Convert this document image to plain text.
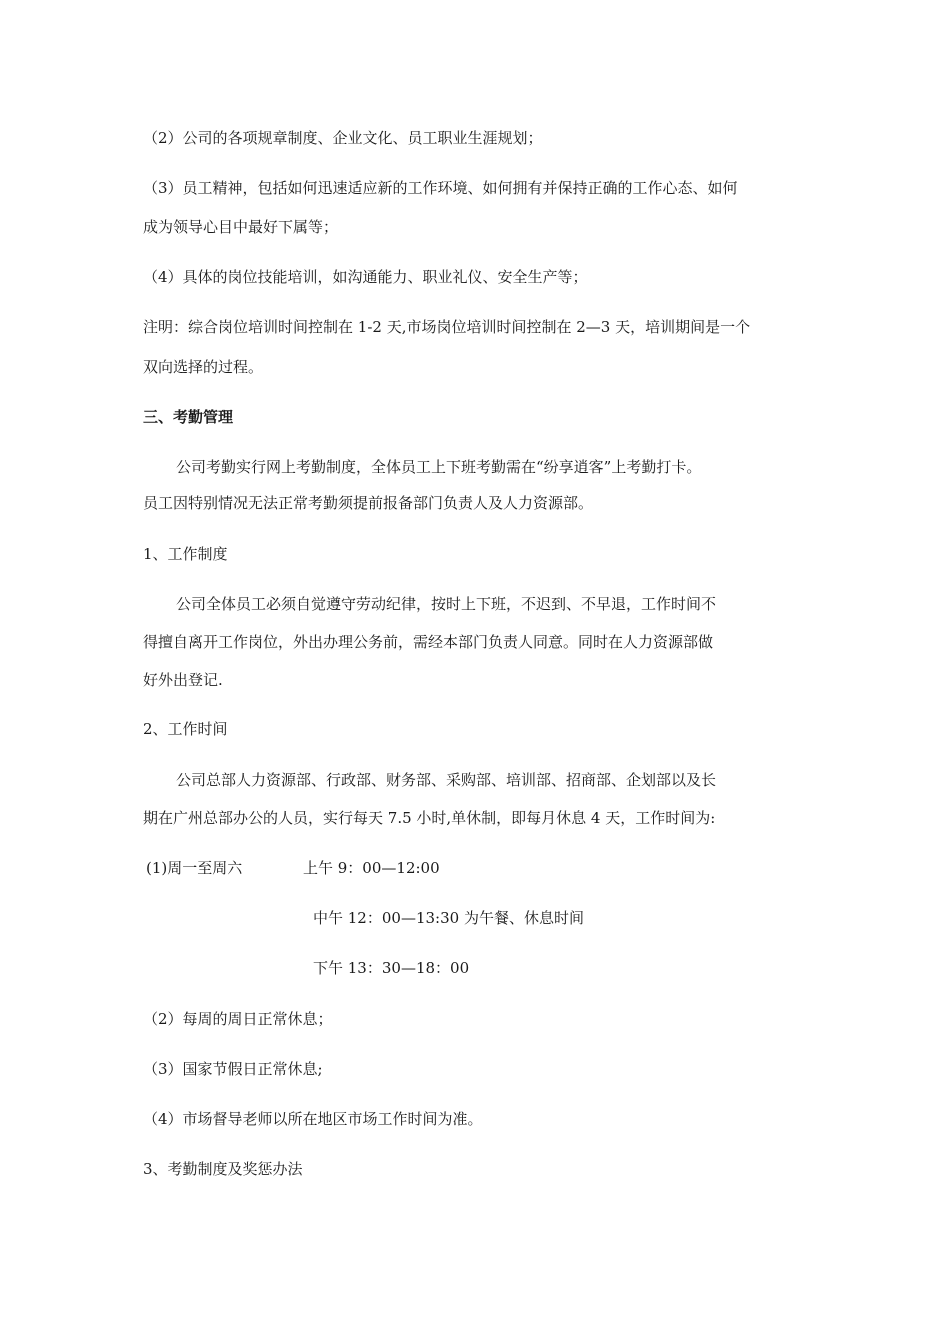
（2）公司的各项规章制度、企业文化、员工职业生涯规划；
（3）员工精神，包括如何迅速适应新的工作环境、如何拥有并保持正确的工作心态、如何
成为领导心目中最好下属等；
（4）具体的岗位技能培训，如沟通能力、职业礼仪、安全生产等；
注明：综合岗位培训时间控制在 1-2 天,市场岗位培训时间控制在 2—3 天，培训期间是一个
双向选择的过程。
三、考勤管理
公司考勤实行网上考勤制度，全体员工上下班考勤需在“纷享逍客”上考勤打卡。
员工因特别情况无法正常考勤须提前报备部门负责人及人力资源部。
1、工作制度
公司全体员工必须自觉遵守劳动纪律，按时上下班，不迟到、不早退，工作时间不
得擅自离开工作岗位，外出办理公务前，需经本部门负责人同意。同时在人力资源部做
好外出登记.
2、工作时间
公司总部人力资源部、行政部、财务部、采购部、培训部、招商部、企划部以及长
期在广州总部办公的人员，实行每天 7.5 小时,单休制，即每月休息 4 天，工作时间为:
(1)周一至周六	上午 9：00—12:00
中午 12：00—13:30 为午餐、休息时间
下午 13：30—18：00
（2）每周的周日正常休息；
（3）国家节假日正常休息;
（4）市场督导老师以所在地区市场工作时间为准。
3、考勤制度及奖惩办法
